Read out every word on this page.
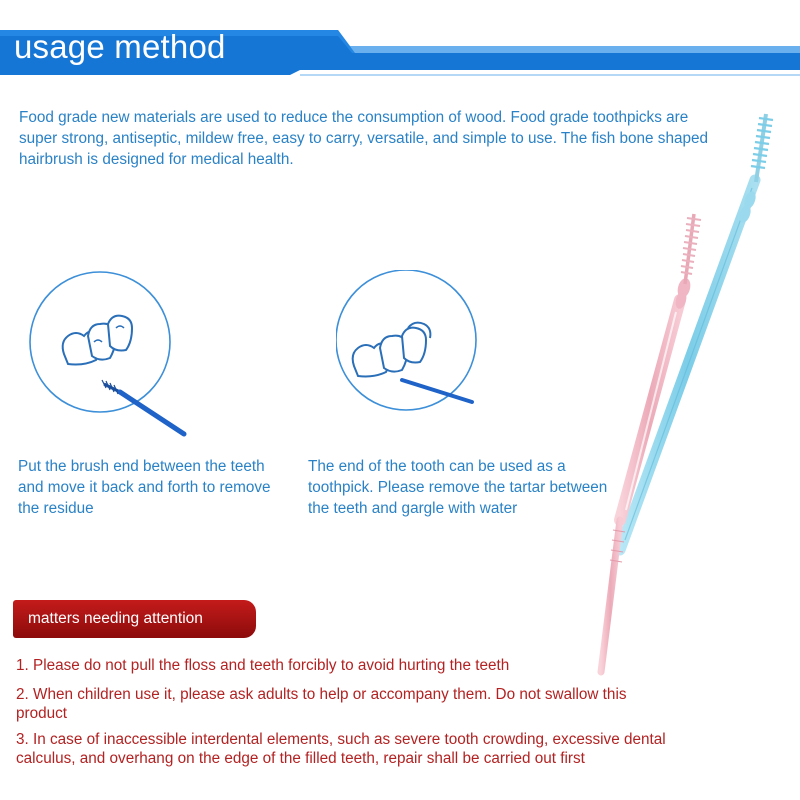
usage method

Food grade new materials are used to reduce the consumption of wood. Food grade toothpicks are super strong, antiseptic, mildew free, easy to carry, versatile, and simple to use. The fish bone shaped hairbrush is designed for medical health.

Put the brush end between the teeth and move it back and forth to remove the residue

The end of the tooth can be used as a toothpick. Please remove the tartar between the teeth and gargle with water

matters needing attention

1. Please do not pull the floss and teeth forcibly to avoid hurting the teeth

2. When children use it, please ask adults to help or accompany them. Do not swallow this product

3. In case of inaccessible interdental elements, such as severe tooth crowding, excessive dental calculus, and overhang on the edge of the filled teeth, repair shall be carried out first
